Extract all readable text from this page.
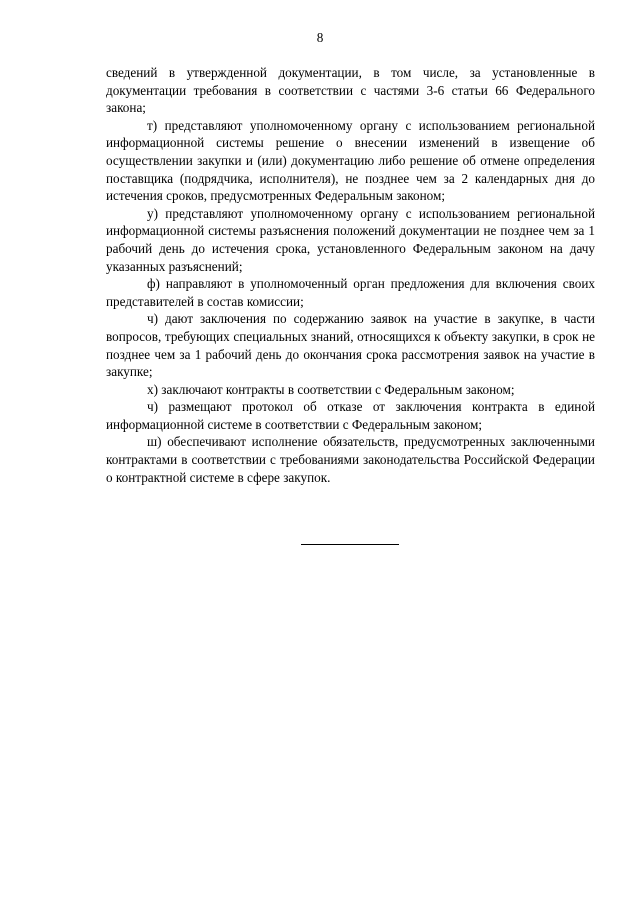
8

сведений в утвержденной документации, в том числе, за установленные в документации требования в соответствии с частями 3-6 статьи 66 Федерального закона;

т) представляют уполномоченному органу с использованием региональной информационной системы решение о внесении изменений в извещение об осуществлении закупки и (или) документацию либо решение об отмене определения поставщика (подрядчика, исполнителя), не позднее чем за 2 календарных дня до истечения сроков, предусмотренных Федеральным законом;

у) представляют уполномоченному органу с использованием региональной информационной системы разъяснения положений документации не позднее чем за 1 рабочий день до истечения срока, установленного Федеральным законом на дачу указанных разъяснений;

ф) направляют в уполномоченный орган предложения для включения своих представителей в состав комиссии;

ч) дают заключения по содержанию заявок на участие в закупке, в части вопросов, требующих специальных знаний, относящихся к объекту закупки, в срок не позднее чем за 1 рабочий день до окончания срока рассмотрения заявок на участие в закупке;

х) заключают контракты в соответствии с Федеральным законом;

ч) размещают протокол об отказе от заключения контракта в единой информационной системе в соответствии с Федеральным законом;

ш) обеспечивают исполнение обязательств, предусмотренных заключенными контрактами в соответствии с требованиями законодательства Российской Федерации о контрактной системе в сфере закупок.
